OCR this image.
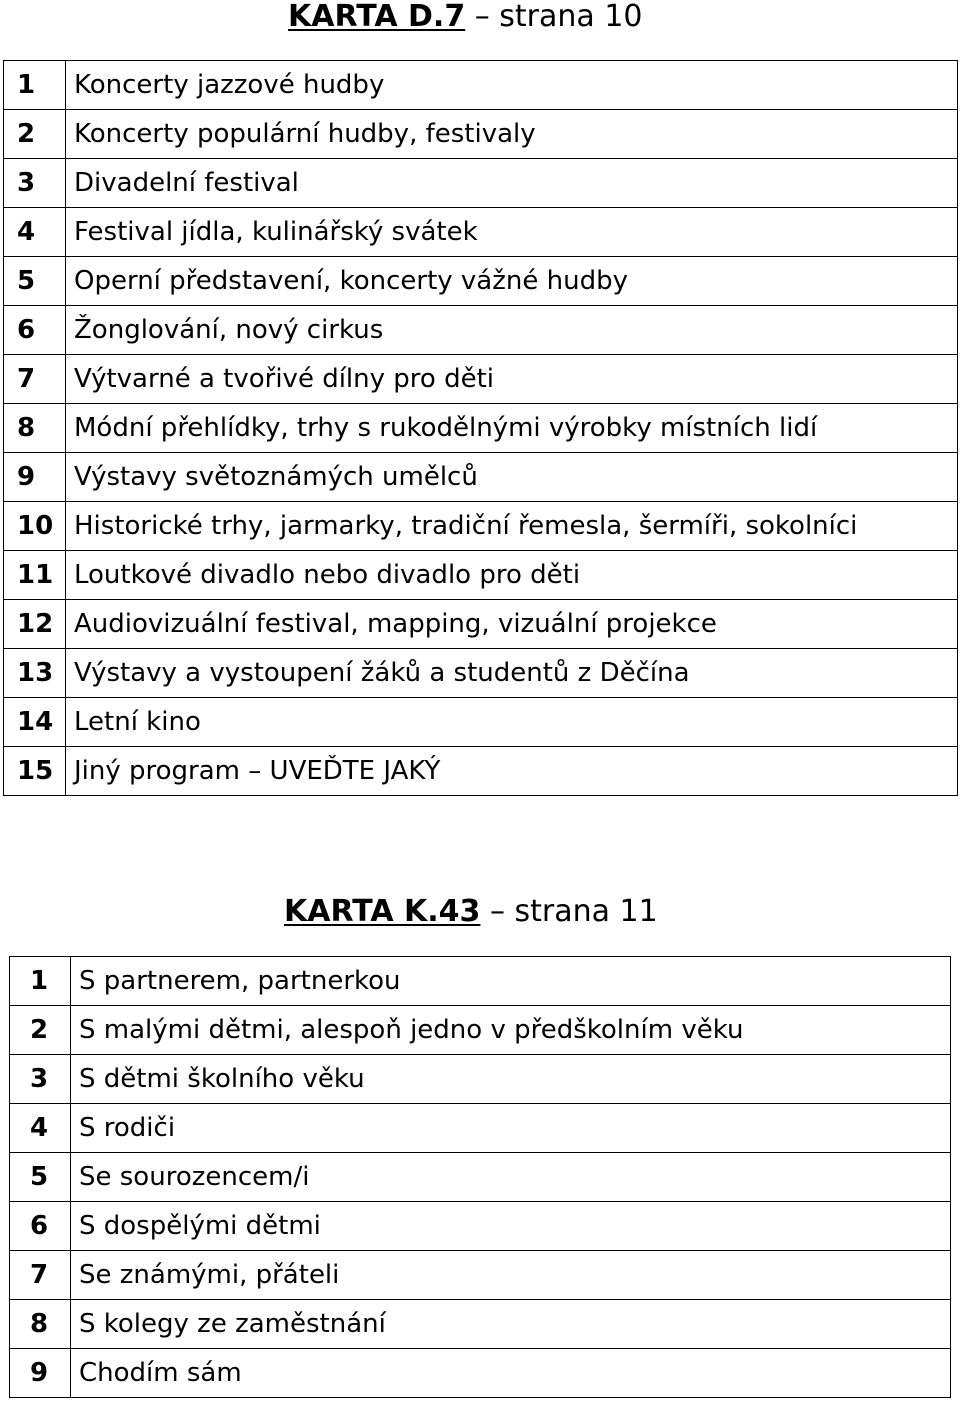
KARTA D.7 – strana 10
1	Koncerty jazzové hudby
2	Koncerty populární hudby, festivaly
3	Divadelní festival
4	Festival jídla, kulinářský svátek
5	Operní představení, koncerty vážné hudby
6	Žonglování, nový cirkus
7	Výtvarné a tvořivé dílny pro děti
8	Módní přehlídky, trhy s rukodělnými výrobky místních lidí
9	Výstavy světoznámých umělců
10	Historické trhy, jarmarky, tradiční řemesla, šermíři, sokolníci
11	Loutkové divadlo nebo divadlo pro děti
12	Audiovizuální festival, mapping, vizuální projekce
13	Výstavy a vystoupení žáků a studentů z Děčína
14	Letní kino
15	Jiný program – UVEĎTE JAKÝ
KARTA K.43 – strana 11
1	S partnerem, partnerkou
2	S malými dětmi, alespoň jedno v předškolním věku
3	S dětmi školního věku
4	S rodiči
5	Se sourozencem/i
6	S dospělými dětmi
7	Se známými, přáteli
8	S kolegy ze zaměstnání
9	Chodím sám
